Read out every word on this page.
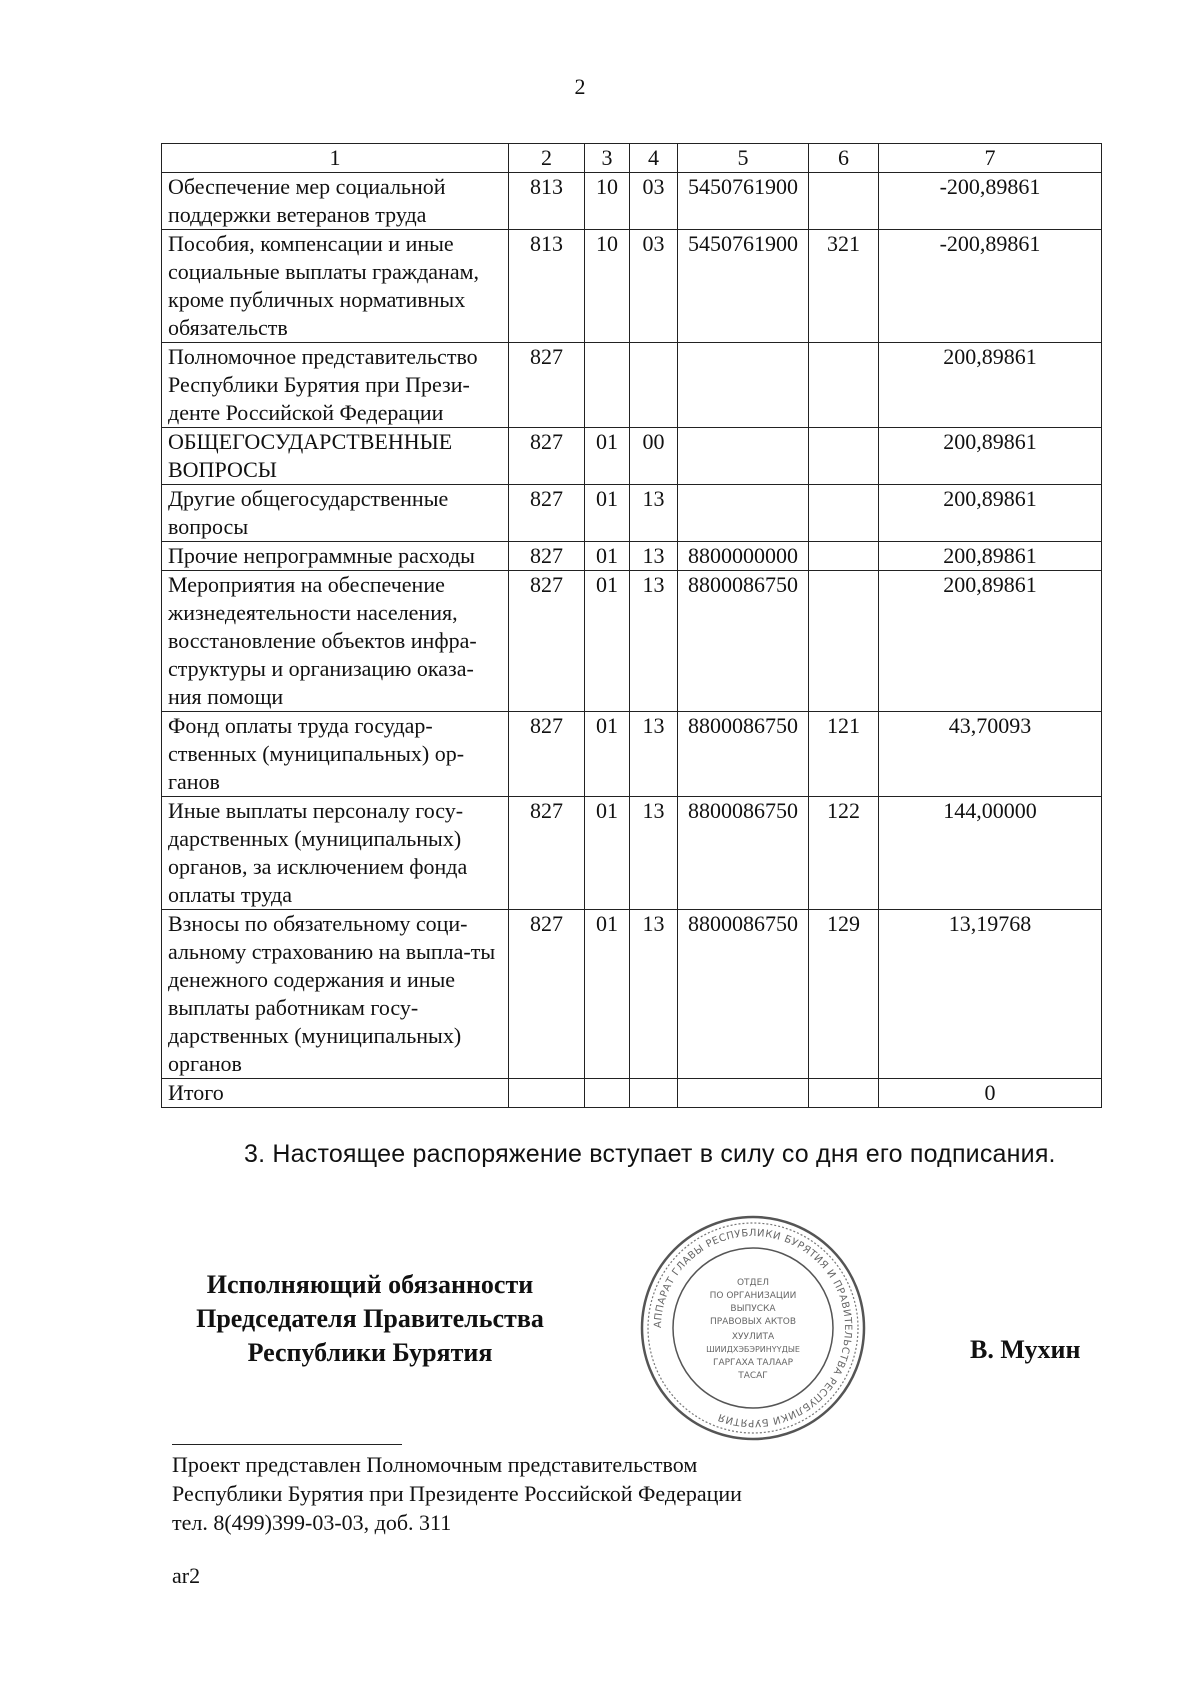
2
1	2	3	4	5	6	7
Обеспечение мер социальной поддержки ветеранов труда	813	10	03	5450761900		-200,89861
Пособия, компенсации и иные социальные выплаты гражданам, кроме публичных нормативных обязательств	813	10	03	5450761900	321	-200,89861
Полномочное представительство Республики Бурятия при Прези-денте Российской Федерации	827					200,89861
ОБЩЕГОСУДАРСТВЕННЫЕ ВОПРОСЫ	827	01	00			200,89861
Другие общегосударственные вопросы	827	01	13			200,89861
Прочие непрограммные расходы	827	01	13	8800000000		200,89861
Мероприятия на обеспечение жизнедеятельности населения, восстановление объектов инфра-структуры и организацию оказа-ния помощи	827	01	13	8800086750		200,89861
Фонд оплаты труда государ-ственных (муниципальных) ор-ганов	827	01	13	8800086750	121	43,70093
Иные выплаты персоналу госу-дарственных (муниципальных) органов, за исключением фонда оплаты труда	827	01	13	8800086750	122	144,00000
Взносы по обязательному соци-альному страхованию на выпла-ты денежного содержания и иные выплаты работникам госу-дарственных (муниципальных) органов	827	01	13	8800086750	129	13,19768
Итого						0
3. Настоящее распоряжение вступает в силу со дня его подписания.
Исполняющий обязанности
Председателя Правительства
Республики Бурятия
АППАРАТ ГЛАВЫ РЕСПУБЛИКИ БУРЯТИЯ И ПРАВИТЕЛЬСТВА РЕСПУБЛИКИ БУРЯТИЯ
ОТДЕЛ
ПО ОРГАНИЗАЦИИ
ВЫПУСКА
ПРАВОВЫХ АКТОВ
ХУУЛИТА
ШИИДХЭБЭРИНҮҮДЫЕ
ГАРГАХА ТАЛААР
ТАСАГ
В. Мухин
Проект представлен Полномочным представительством
Республики Бурятия при Президенте Российской Федерации
тел. 8(499)399-03-03, доб. 311
ar2
